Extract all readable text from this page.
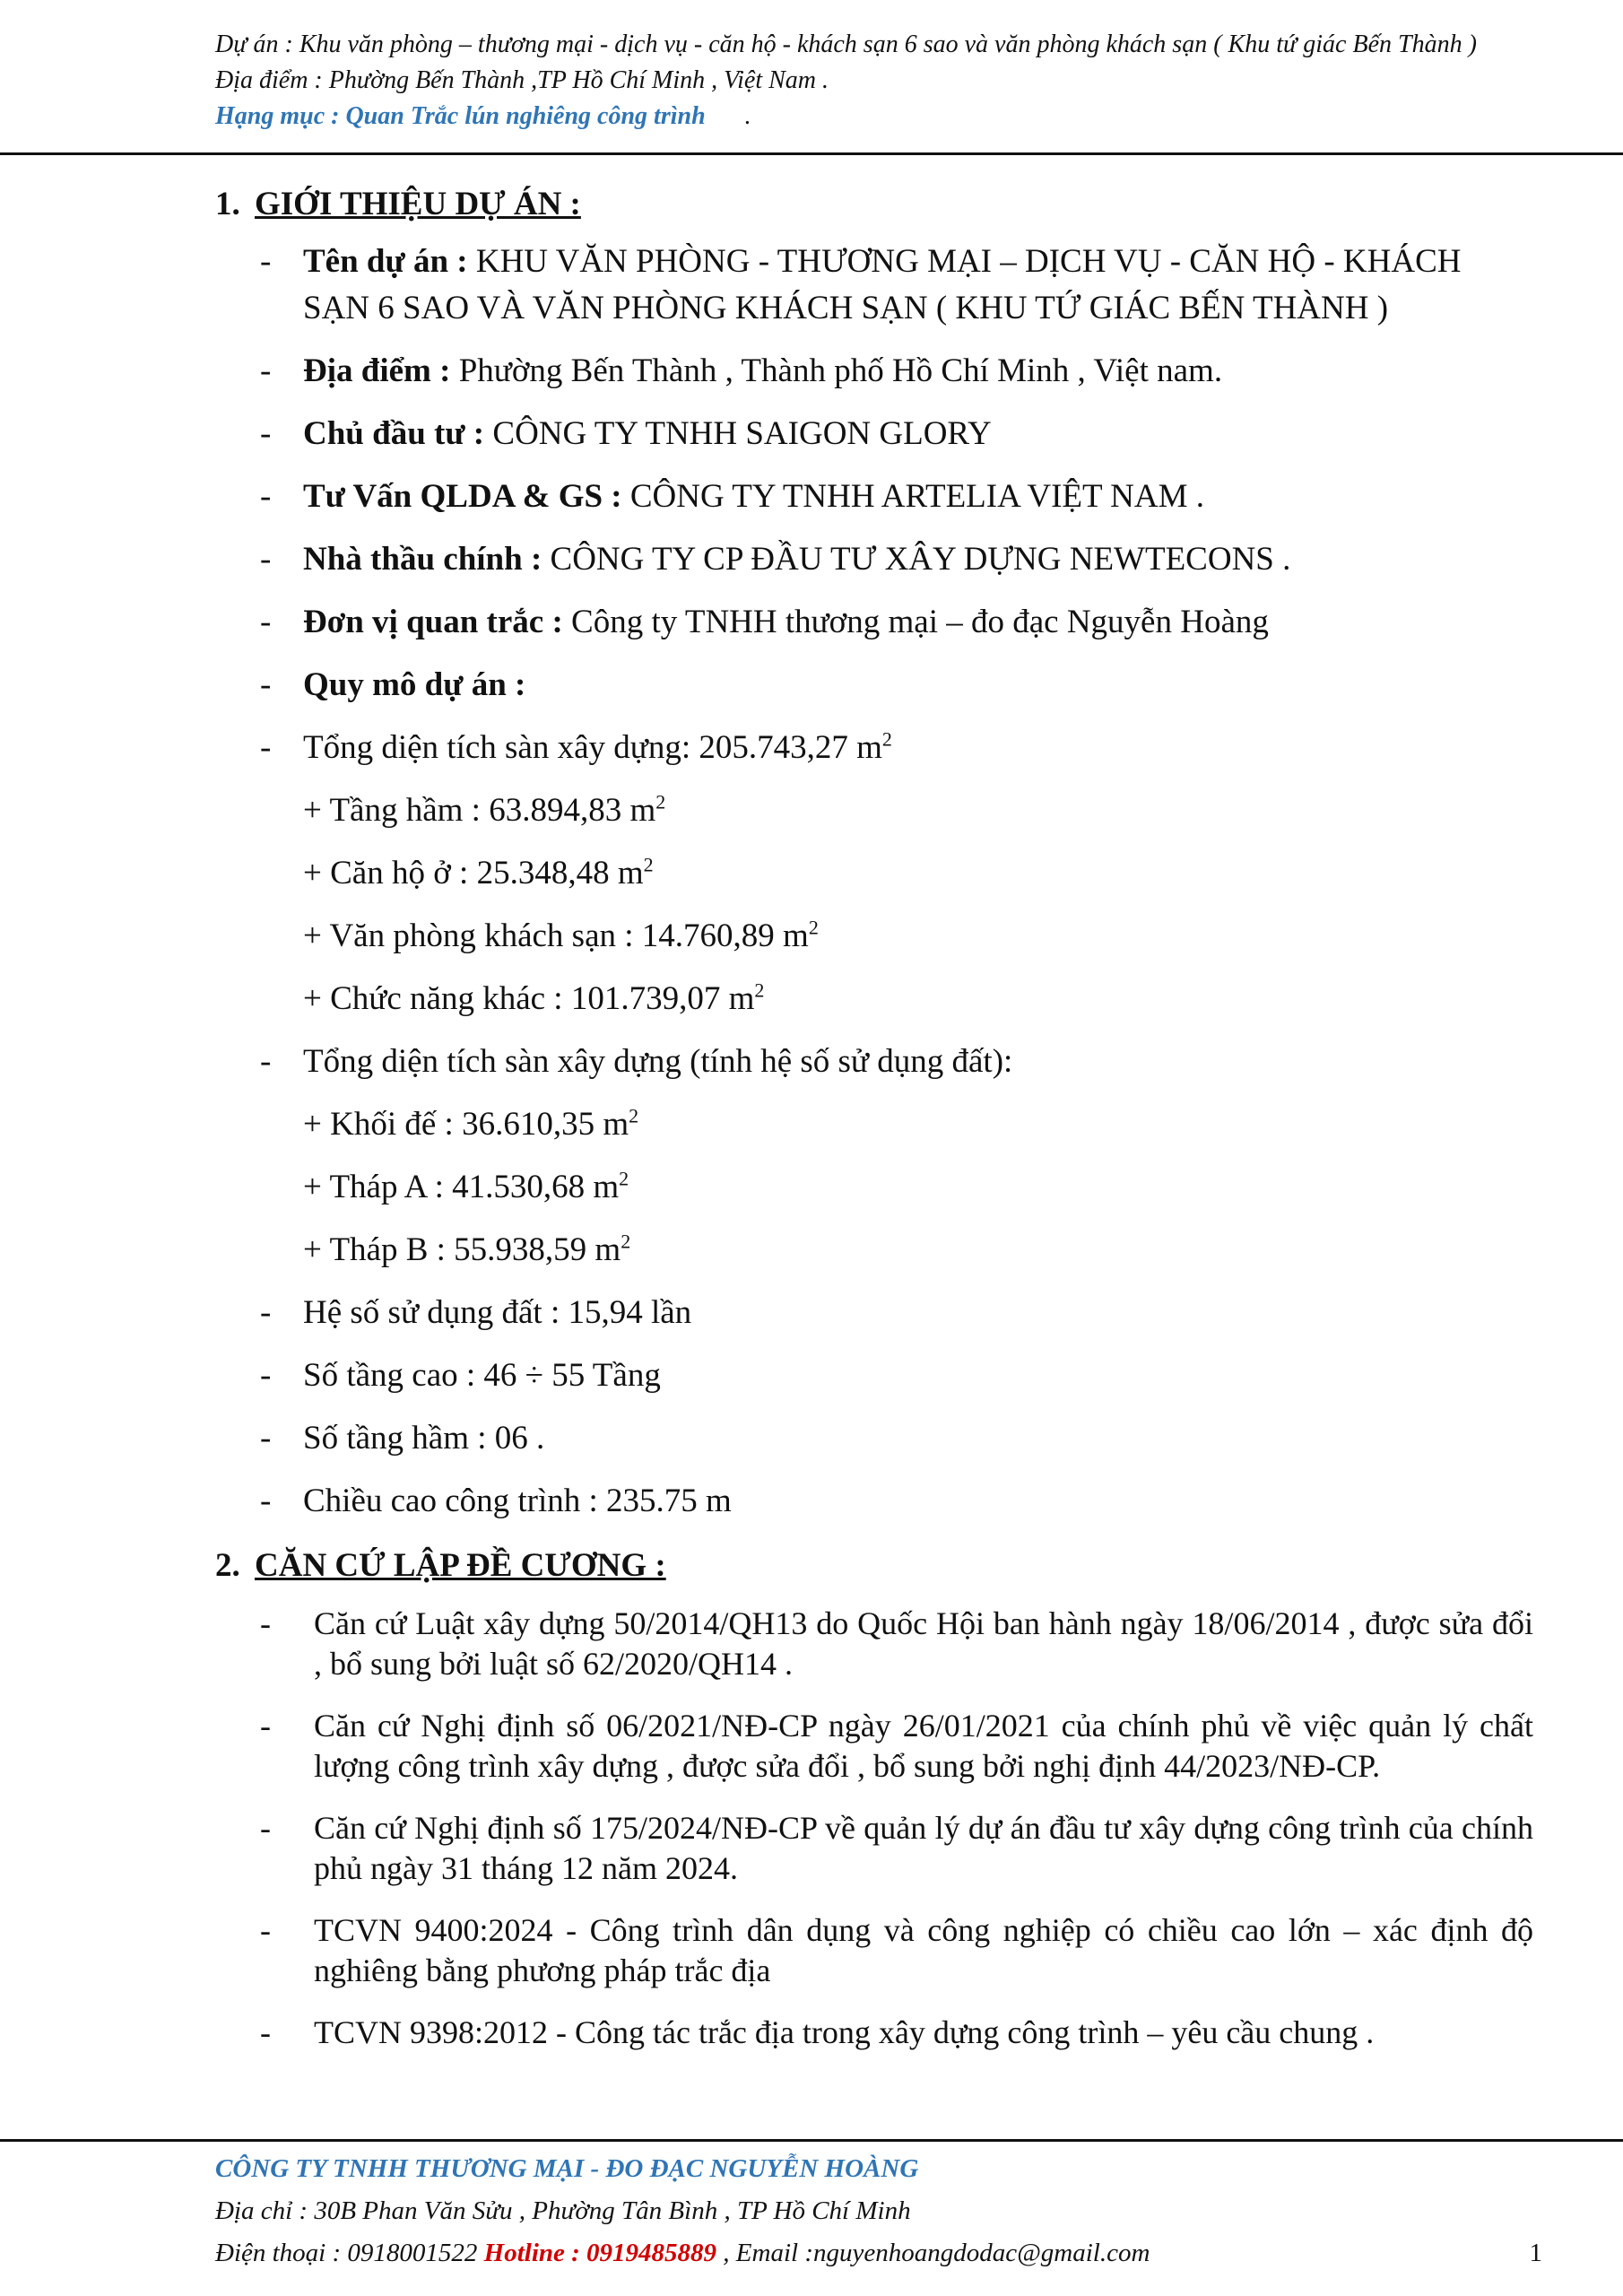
Dự án : Khu văn phòng – thương mại - dịch vụ - căn hộ - khách sạn 6 sao và văn phòng khách sạn ( Khu tứ giác Bến Thành )
Địa điểm : Phường Bến Thành ,TP Hồ Chí Minh , Việt Nam .
Hạng mục : Quan Trắc lún nghiêng công trình .
1. GIỚI THIỆU DỰ ÁN :
- Tên dự án : KHU VĂN PHÒNG - THƯƠNG MẠI – DỊCH VỤ - CĂN HỘ - KHÁCH SẠN 6 SAO VÀ VĂN PHÒNG KHÁCH SẠN ( KHU TỨ GIÁC BẾN THÀNH )
- Địa điểm : Phường Bến Thành , Thành phố Hồ Chí Minh , Việt nam.
- Chủ đầu tư : CÔNG TY TNHH SAIGON GLORY
- Tư Vấn QLDA & GS : CÔNG TY TNHH ARTELIA VIỆT NAM .
- Nhà thầu chính : CÔNG TY CP ĐẦU TƯ XÂY DỰNG NEWTECONS .
- Đơn vị quan trắc : Công ty TNHH thương mại – đo đạc Nguyễn Hoàng
- Quy mô dự án :
- Tổng diện tích sàn xây dựng: 205.743,27 $m^2$
+ Tầng hầm : 63.894,83 $m^2$
+ Căn hộ ở : 25.348,48 $m^2$
+ Văn phòng khách sạn : 14.760,89 $m^2$
+ Chức năng khác : 101.739,07 $m^2$
- Tổng diện tích sàn xây dựng (tính hệ số sử dụng đất):
+ Khối đế : 36.610,35 $m^2$
+ Tháp A : 41.530,68 $m^2$
+ Tháp B : 55.938,59 $m^2$
- Hệ số sử dụng đất : 15,94 lần
- Số tầng cao : 46 ÷ 55 Tầng
- Số tầng hầm : 06 .
- Chiều cao công trình : 235.75 m
2. CĂN CỨ LẬP ĐỀ CƯƠNG :
- Căn cứ Luật xây dựng 50/2014/QH13 do Quốc Hội ban hành ngày 18/06/2014 , được sửa đổi , bổ sung bởi luật số 62/2020/QH14 .
- Căn cứ Nghị định số 06/2021/NĐ-CP ngày 26/01/2021 của chính phủ về việc quản lý chất lượng công trình xây dựng , được sửa đổi , bổ sung bởi nghị định 44/2023/NĐ-CP.
- Căn cứ Nghị định số 175/2024/NĐ-CP về quản lý dự án đầu tư xây dựng công trình của chính phủ ngày 31 tháng 12 năm 2024.
- TCVN 9400:2024 - Công trình dân dụng và công nghiệp có chiều cao lớn – xác định độ nghiêng bằng phương pháp trắc địa
- TCVN 9398:2012 - Công tác trắc địa trong xây dựng công trình – yêu cầu chung .
CÔNG TY TNHH THƯƠNG MẠI - ĐO ĐẠC NGUYỄN HOÀNG
Địa chỉ : 30B Phan Văn Sửu , Phường Tân Bình , TP Hồ Chí Minh
Điện thoại : 0918001522 Hotline : 0919485889 , Email :nguyenhoangdodac@gmail.com	1
